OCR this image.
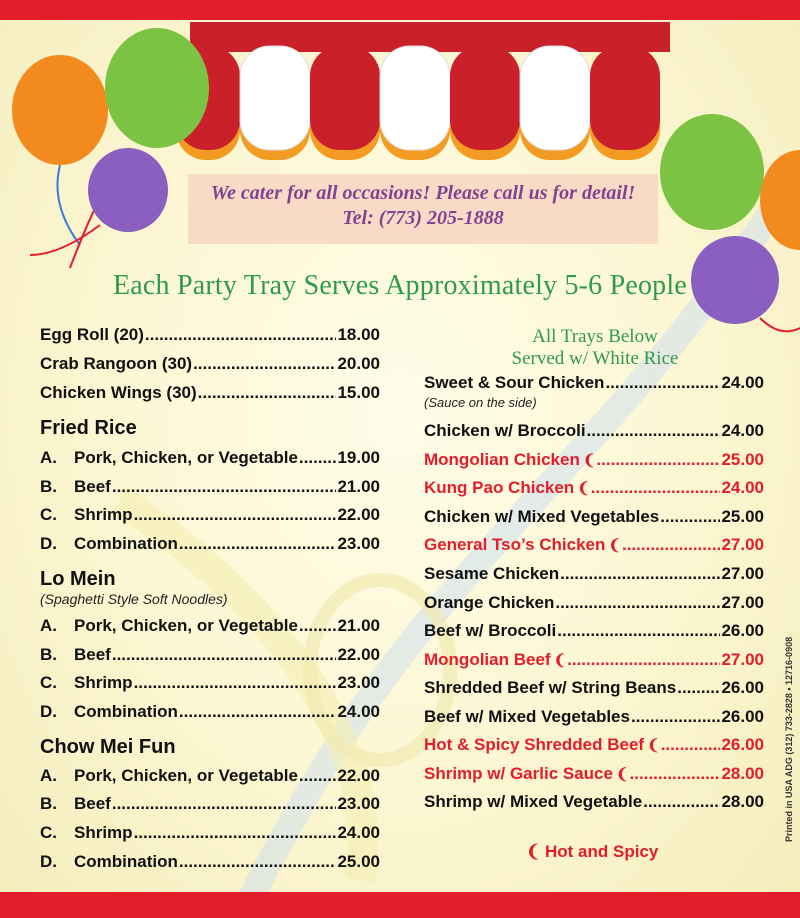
We cater for all occasions! Please call us for detail!
Tel: (773) 205-1888
Each Party Tray Serves Approximately 5-6 People
Egg Roll (20) .....	18.00
Crab Rangoon (30) .....	20.00
Chicken Wings (30) .....	15.00
Fried Rice
A.	Pork, Chicken, or Vegetable ..... 19.00
B.	Beef .....	21.00
C.	Shrimp .....	22.00
D.	Combination .....	23.00
Lo Mein
(Spaghetti Style Soft Noodles)
A.	Pork, Chicken, or Vegetable ..... 21.00
B.	Beef .....	22.00
C.	Shrimp .....	23.00
D.	Combination .....	24.00
Chow Mei Fun
A.	Pork, Chicken, or Vegetable ..... 22.00
B.	Beef .....	23.00
C.	Shrimp .....	24.00
D.	Combination .....	25.00
All Trays Below
Served w/ White Rice
Sweet & Sour Chicken .....	24.00
(Sauce on the side)
Chicken w/ Broccoli .....	24.00
Mongolian Chicken ❨ .....	25.00
Kung Pao Chicken ❨ .....	24.00
Chicken w/ Mixed Vegetables .....	25.00
General Tso’s Chicken ❨ .....	27.00
Sesame Chicken .....	27.00
Orange Chicken .....	27.00
Beef w/ Broccoli .....	26.00
Mongolian Beef ❨ .....	27.00
Shredded Beef w/ String Beans .....	26.00
Beef w/ Mixed Vegetables .....	26.00
Hot & Spicy Shredded Beef ❨ .....	26.00
Shrimp w/ Garlic Sauce ❨ .....	28.00
Shrimp w/ Mixed Vegetable .....	28.00
❨ Hot and Spicy
Printed in USA ADG (312) 733-2828 • 12716-0908
